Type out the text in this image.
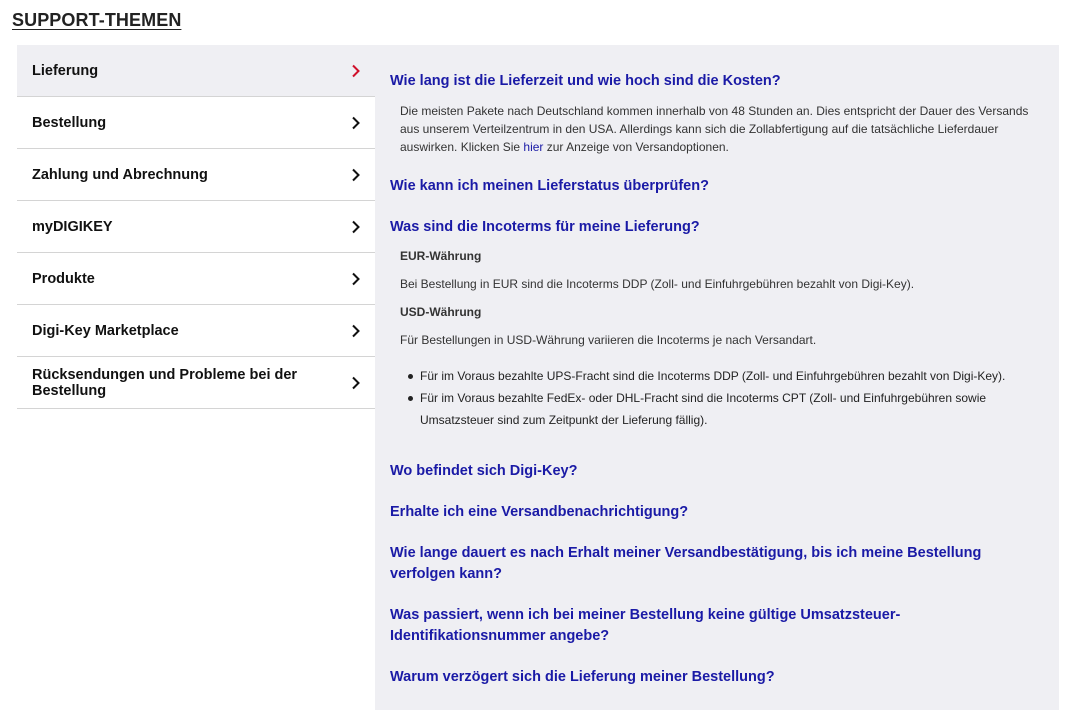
SUPPORT-THEMEN
Lieferung
Bestellung
Zahlung und Abrechnung
myDIGIKEY
Produkte
Digi-Key Marketplace
Rücksendungen und Probleme bei der Bestellung
Wie lang ist die Lieferzeit und wie hoch sind die Kosten?

Die meisten Pakete nach Deutschland kommen innerhalb von 48 Stunden an. Dies entspricht der Dauer des Versands aus unserem Verteilzentrum in den USA. Allerdings kann sich die Zollabfertigung auf die tatsächliche Lieferdauer auswirken. Klicken Sie hier zur Anzeige von Versandoptionen.

Wie kann ich meinen Lieferstatus überprüfen?
Was sind die Incoterms für meine Lieferung?
EUR-Währung
Bei Bestellung in EUR sind die Incoterms DDP (Zoll- und Einfuhrgebühren bezahlt von Digi-Key).
USD-Währung
Für Bestellungen in USD-Währung variieren die Incoterms je nach Versandart.
Für im Voraus bezahlte UPS-Fracht sind die Incoterms DDP (Zoll- und Einfuhrgebühren bezahlt von Digi-Key).
Für im Voraus bezahlte FedEx- oder DHL-Fracht sind die Incoterms CPT (Zoll- und Einfuhrgebühren sowie Umsatzsteuer sind zum Zeitpunkt der Lieferung fällig).
Wo befindet sich Digi-Key?
Erhalte ich eine Versandbenachrichtigung?
Wie lange dauert es nach Erhalt meiner Versandbestätigung, bis ich meine Bestellung verfolgen kann?
Was passiert, wenn ich bei meiner Bestellung keine gültige Umsatzsteuer-Identifikationsnummer angebe?
Warum verzögert sich die Lieferung meiner Bestellung?
